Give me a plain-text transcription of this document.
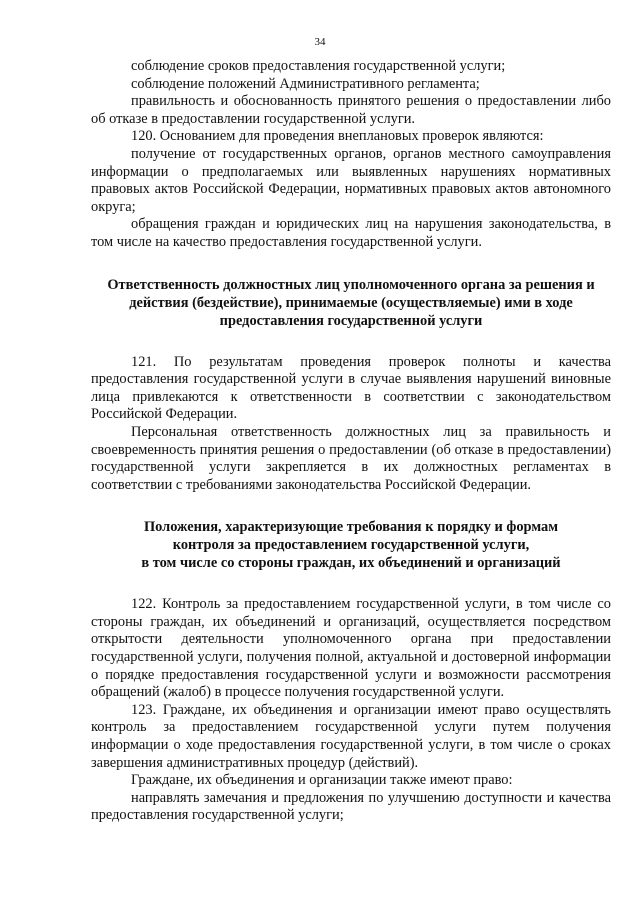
34

соблюдение сроков предоставления государственной услуги;

соблюдение положений Административного регламента;

правильность и обоснованность принятого решения о предоставлении либо об отказе в предоставлении государственной услуги.

120. Основанием для проведения внеплановых проверок являются:

получение от государственных органов, органов местного самоуправления информации о предполагаемых или выявленных нарушениях нормативных правовых актов Российской Федерации, нормативных правовых актов автономного округа;

обращения граждан и юридических лиц на нарушения законодательства, в том числе на качество предоставления государственной услуги.

Ответственность должностных лиц уполномоченного органа за решения и действия (бездействие), принимаемые (осуществляемые) ими в ходе предоставления государственной услуги

121. По результатам проведения проверок полноты и качества предоставления государственной услуги в случае выявления нарушений виновные лица привлекаются к ответственности в соответствии с законодательством Российской Федерации.

Персональная ответственность должностных лиц за правильность и своевременность принятия решения о предоставлении (об отказе в предоставлении) государственной услуги закрепляется в их должностных регламентах в соответствии с требованиями законодательства Российской Федерации.

Положения, характеризующие требования к порядку и формам
контроля за предоставлением государственной услуги,
в том числе со стороны граждан, их объединений и организаций

122. Контроль за предоставлением государственной услуги, в том числе со стороны граждан, их объединений и организаций, осуществляется посредством открытости деятельности уполномоченного органа при предоставлении государственной услуги, получения полной, актуальной и достоверной информации о порядке предоставления государственной услуги и возможности рассмотрения обращений (жалоб) в процессе получения государственной услуги.

123. Граждане, их объединения и организации имеют право осуществлять контроль за предоставлением государственной услуги путем получения информации о ходе предоставления государственной услуги, в том числе о сроках завершения административных процедур (действий).

Граждане, их объединения и организации также имеют право:

направлять замечания и предложения по улучшению доступности и качества предоставления государственной услуги;
